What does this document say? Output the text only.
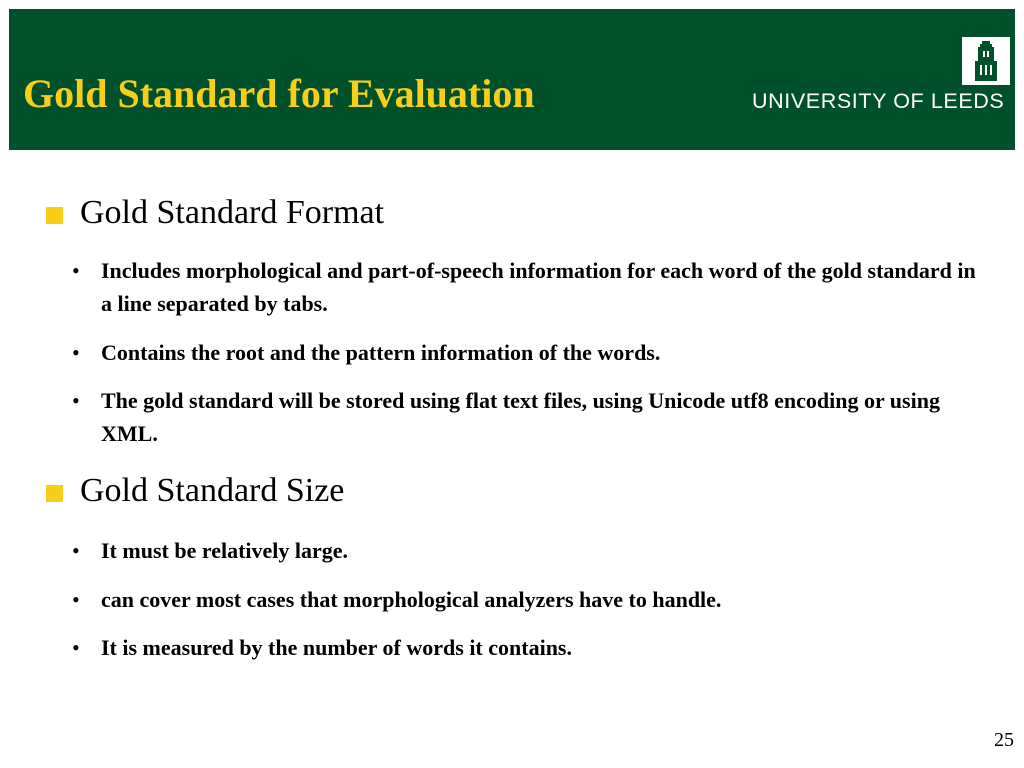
Gold Standard for Evaluation	UNIVERSITY OF LEEDS
Gold Standard Format
• Includes morphological and part-of-speech information for each word of the gold standard in a line separated by tabs.
• Contains the root and the pattern information of the words.
• The gold standard will be stored using flat text files, using Unicode utf8 encoding or using XML.
Gold Standard Size
• It must be relatively large.
• can cover most cases that morphological analyzers have to handle.
• It is measured by the number of words it contains.
25
